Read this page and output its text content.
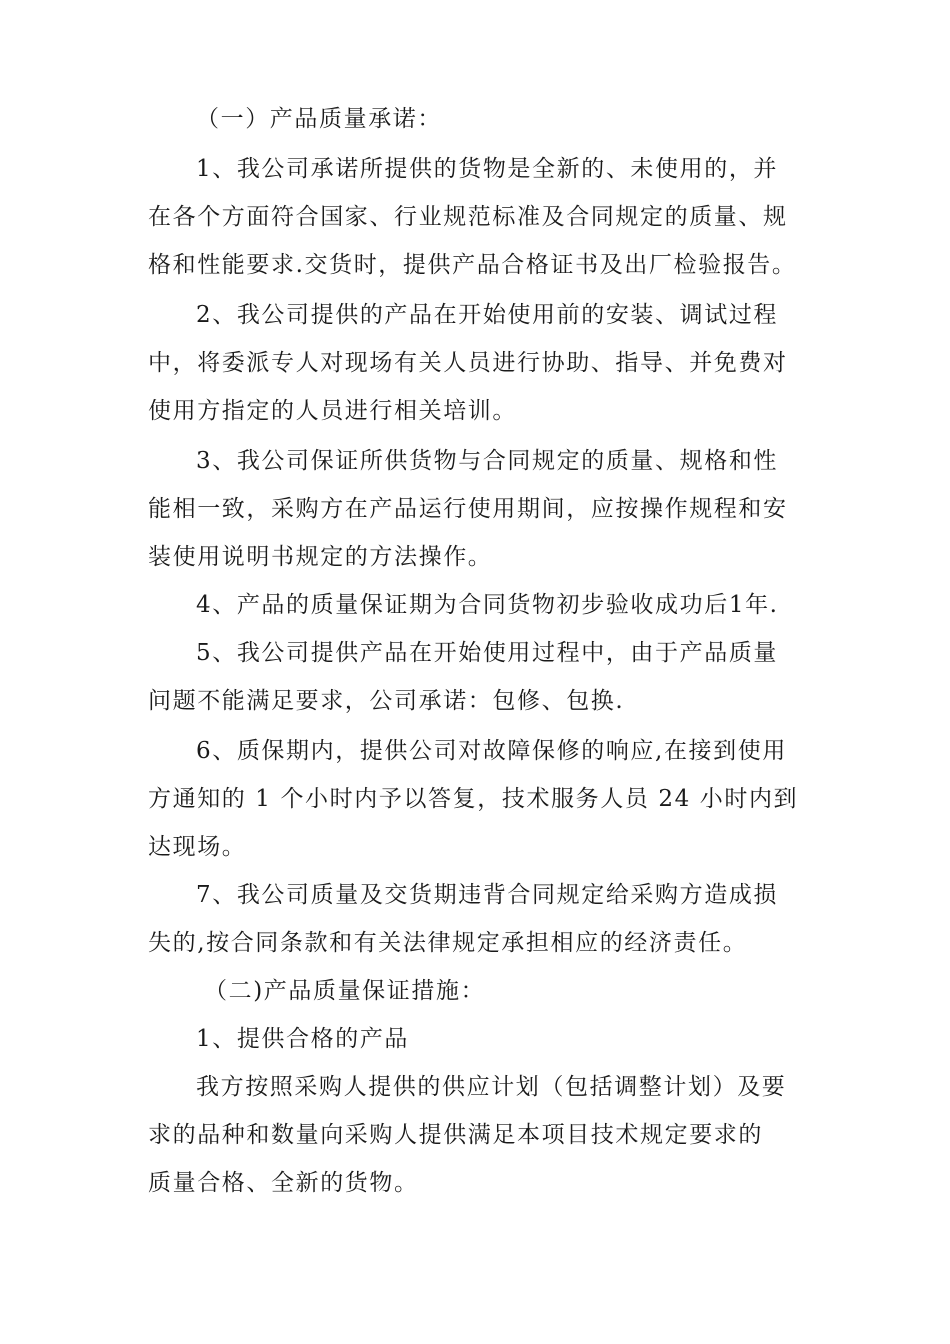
（一）产品质量承诺：
1、我公司承诺所提供的货物是全新的、未使用的，并
在各个方面符合国家、行业规范标准及合同规定的质量、规
格和性能要求.交货时，提供产品合格证书及出厂检验报告。
2、我公司提供的产品在开始使用前的安装、调试过程
中，将委派专人对现场有关人员进行协助、指导、并免费对
使用方指定的人员进行相关培训。
3、我公司保证所供货物与合同规定的质量、规格和性
能相一致，采购方在产品运行使用期间，应按操作规程和安
装使用说明书规定的方法操作。
4、产品的质量保证期为合同货物初步验收成功后1年.
5、我公司提供产品在开始使用过程中，由于产品质量
问题不能满足要求，公司承诺：包修、包换.
6、质保期内，提供公司对故障保修的响应,在接到使用
方通知的 1 个小时内予以答复，技术服务人员 24 小时内到
达现场。
7、我公司质量及交货期违背合同规定给采购方造成损
失的,按合同条款和有关法律规定承担相应的经济责任。
（二)产品质量保证措施：
1、提供合格的产品
我方按照采购人提供的供应计划（包括调整计划）及要
求的品种和数量向采购人提供满足本项目技术规定要求的
质量合格、全新的货物。
